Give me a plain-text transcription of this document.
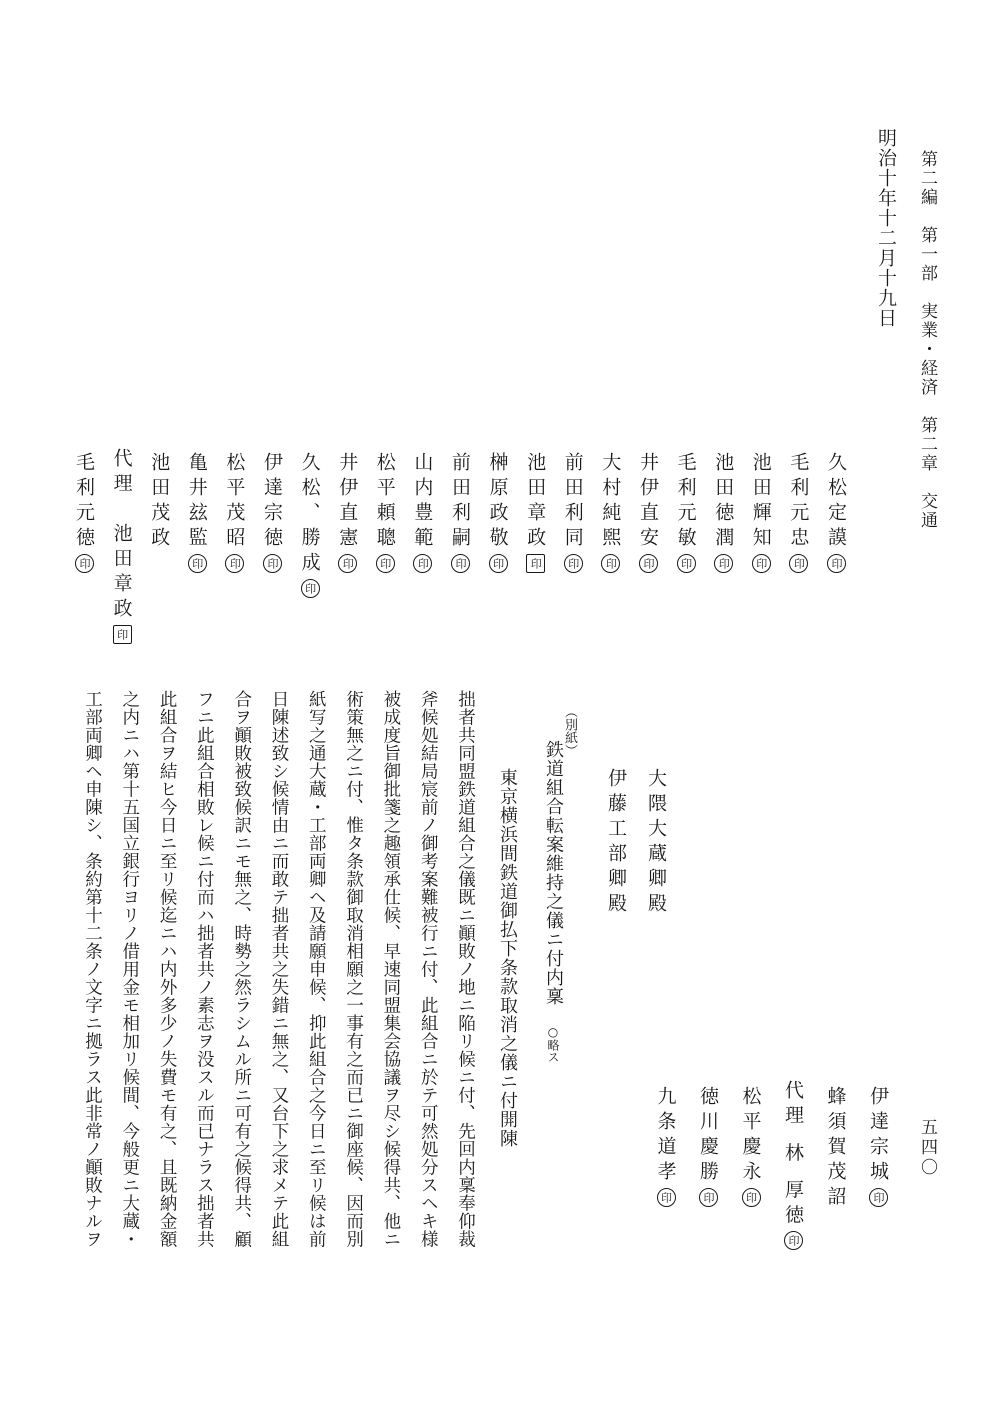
第二編　第一部　実業・経済　第二章　交通
五四〇
明治十年十二月十九日
久松定謨印
毛利元忠印
池田輝知印
池田徳潤印
毛利元敏印
井伊直安印
大村純煕印
前田利同印
池田章政印
榊原政敬印
前田利嗣印
山内豊範印
松平頼聰印
井伊直憲印
久松、勝成印
伊達宗徳印
松平茂昭印
亀井玆監印
池田茂政
代理　池田章政印
毛利元徳印
大隈大蔵卿殿
伊藤工部卿殿
（別紙）
鉄道組合転案維持之儀ニ付内稟 ○略ス
東京横浜間鉄道御払下条款取消之儀ニ付開陳
拙者共同盟鉄道組合之儀既ニ顚敗ノ地ニ陥リ候ニ付、先回内稟奉仰裁
斧候処結局宸前ノ御考案難被行ニ付、此組合ニ於テ可然処分スヘキ様
被成度旨御批箋之趣領承仕候、早速同盟集会協議ヲ尽シ候得共、他ニ
術策無之ニ付、惟タ条款御取消相願之一事有之而已ニ御座候、因而別
紙写之通大蔵・工部両卿ヘ及請願申候、抑此組合之今日ニ至リ候は前
日陳述致シ候情由ニ而敢テ拙者共之失錯ニ無之、又台下之求メテ此組
合ヲ顚敗被致候訳ニモ無之、時勢之然ラシムル所ニ可有之候得共、顧
フニ此組合相敗レ候ニ付而ハ拙者共ノ素志ヲ没スル而已ナラス拙者共
此組合ヲ結ヒ今日ニ至リ候迄ニハ内外多少ノ失費モ有之、且既納金額
之内ニハ第十五国立銀行ヨリノ借用金モ相加リ候間、今般更ニ大蔵・
工部両卿ヘ申陳シ、条約第十二条ノ文字ニ拠ラス此非常ノ顚敗ナルヲ	伊達宗城印
蜂須賀茂詔
代理 林 厚徳印
松平慶永印
徳川慶勝印
九条道孝印
